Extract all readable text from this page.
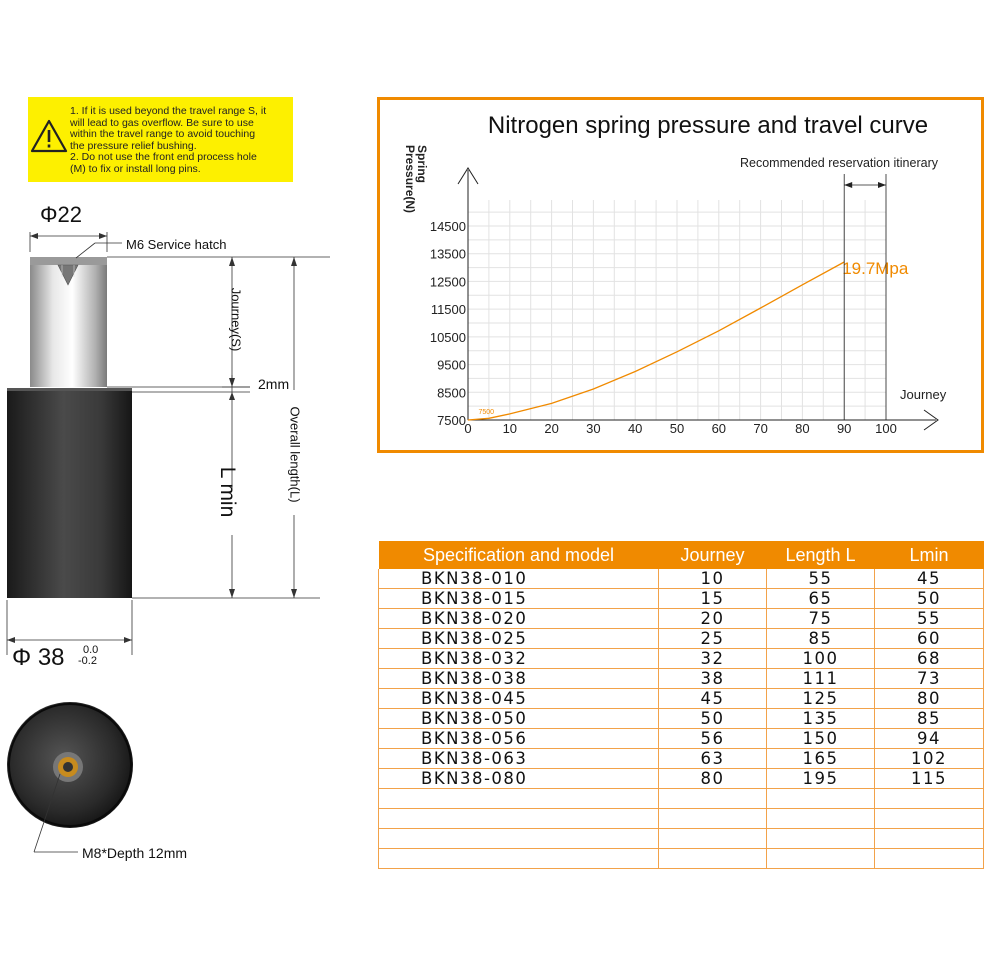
1. If it is used beyond the travel range S, it
will lead to gas overflow. Be sure to use
within the travel range to avoid touching
the pressure relief bushing.
2. Do not use the front end process hole
(M) to fix or install long pins.
Φ22
M6 Service hatch
2mm
Journey(S)
L min	Overall length(L)
Φ 38	0.0
-0.2
M8*Depth 12mm
Nitrogen spring pressure and travel curve
0 10 20 30 40 50 60 70 80 90 100
7500
8500
9500
10500
11500
12500
13500
14500
SpringPressure(N)
Journey
7500
19.7Mpa
Recommended reservation itinerary
Specification and model	Journey	Length L	Lmin
BKN38-010	10	55	45
BKN38-015	15	65	50
BKN38-020	20	75	55
BKN38-025	25	85	60
BKN38-032	32	100	68
BKN38-038	38	111	73
BKN38-045	45	125	80
BKN38-050	50	135	85
BKN38-056	56	150	94
BKN38-063	63	165	102
BKN38-080	80	195	115
